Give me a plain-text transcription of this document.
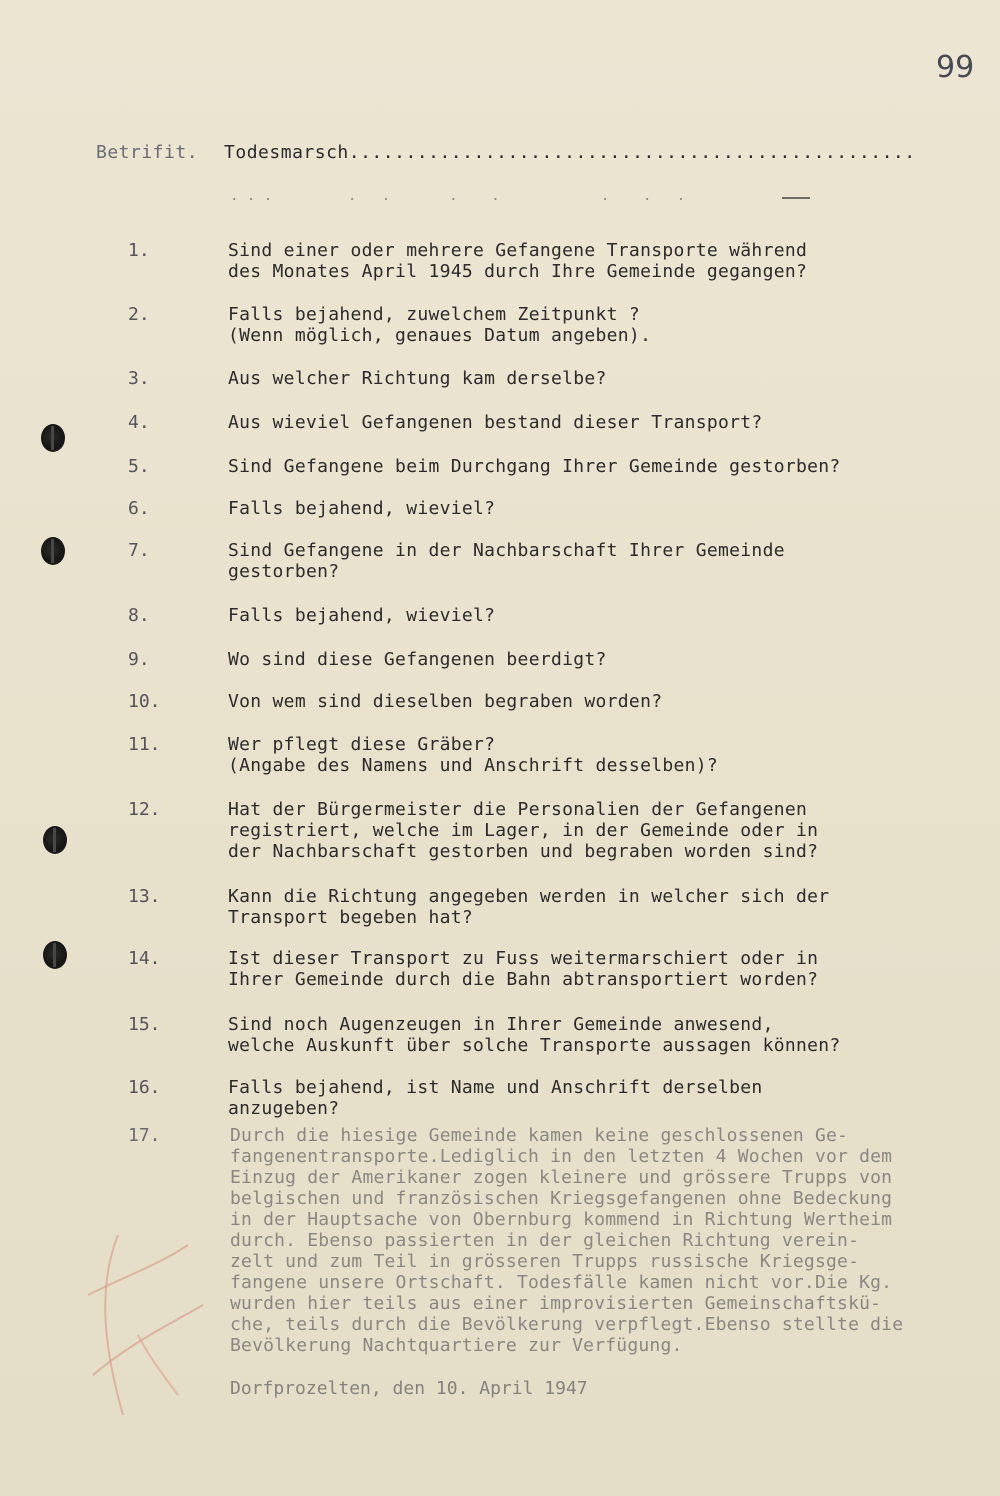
99
Betrifit. Todesmarsch..................................................
. . .         .   .       .    .            .    .   .
1.	Sind einer oder mehrere Gefangene Transporte während
des Monates April 1945 durch Ihre Gemeinde gegangen?
2.	Falls bejahend, zuwelchem Zeitpunkt ?
(Wenn möglich, genaues Datum angeben).
3.	Aus welcher Richtung kam derselbe?
4.	Aus wieviel Gefangenen bestand dieser Transport?
5.	Sind Gefangene beim Durchgang Ihrer Gemeinde gestorben?
6.	Falls bejahend, wieviel?
7.	Sind Gefangene in der Nachbarschaft Ihrer Gemeinde
gestorben?
8.	Falls bejahend, wieviel?
9.	Wo sind diese Gefangenen beerdigt?
10.	Von wem sind dieselben begraben worden?
11.	Wer pflegt diese Gräber?
(Angabe des Namens und Anschrift desselben)?
12.	Hat der Bürgermeister die Personalien der Gefangenen
registriert, welche im Lager, in der Gemeinde oder in
der Nachbarschaft gestorben und begraben worden sind?
13.	Kann die Richtung angegeben werden in welcher sich der
Transport begeben hat?
14.	Ist dieser Transport zu Fuss weitermarschiert oder in
Ihrer Gemeinde durch die Bahn abtransportiert worden?
15.	Sind noch Augenzeugen in Ihrer Gemeinde anwesend,
welche Auskunft über solche Transporte aussagen können?
16.	Falls bejahend, ist Name und Anschrift derselben
anzugeben?
17.	Durch die hiesige Gemeinde kamen keine geschlossenen Ge-
fangenentransporte.Lediglich in den letzten 4 Wochen vor dem
Einzug der Amerikaner zogen kleinere und grössere Trupps von
belgischen und französischen Kriegsgefangenen ohne Bedeckung
in der Hauptsache von Obernburg kommend in Richtung Wertheim
durch. Ebenso passierten in der gleichen Richtung verein-
zelt und zum Teil in grösseren Trupps russische Kriegsge-
fangene unsere Ortschaft. Todesfälle kamen nicht vor.Die Kg.
wurden hier teils aus einer improvisierten Gemeinschaftskü-
che, teils durch die Bevölkerung verpflegt.Ebenso stellte die
Bevölkerung Nachtquartiere zur Verfügung.
Dorfprozelten, den 10. April 1947
